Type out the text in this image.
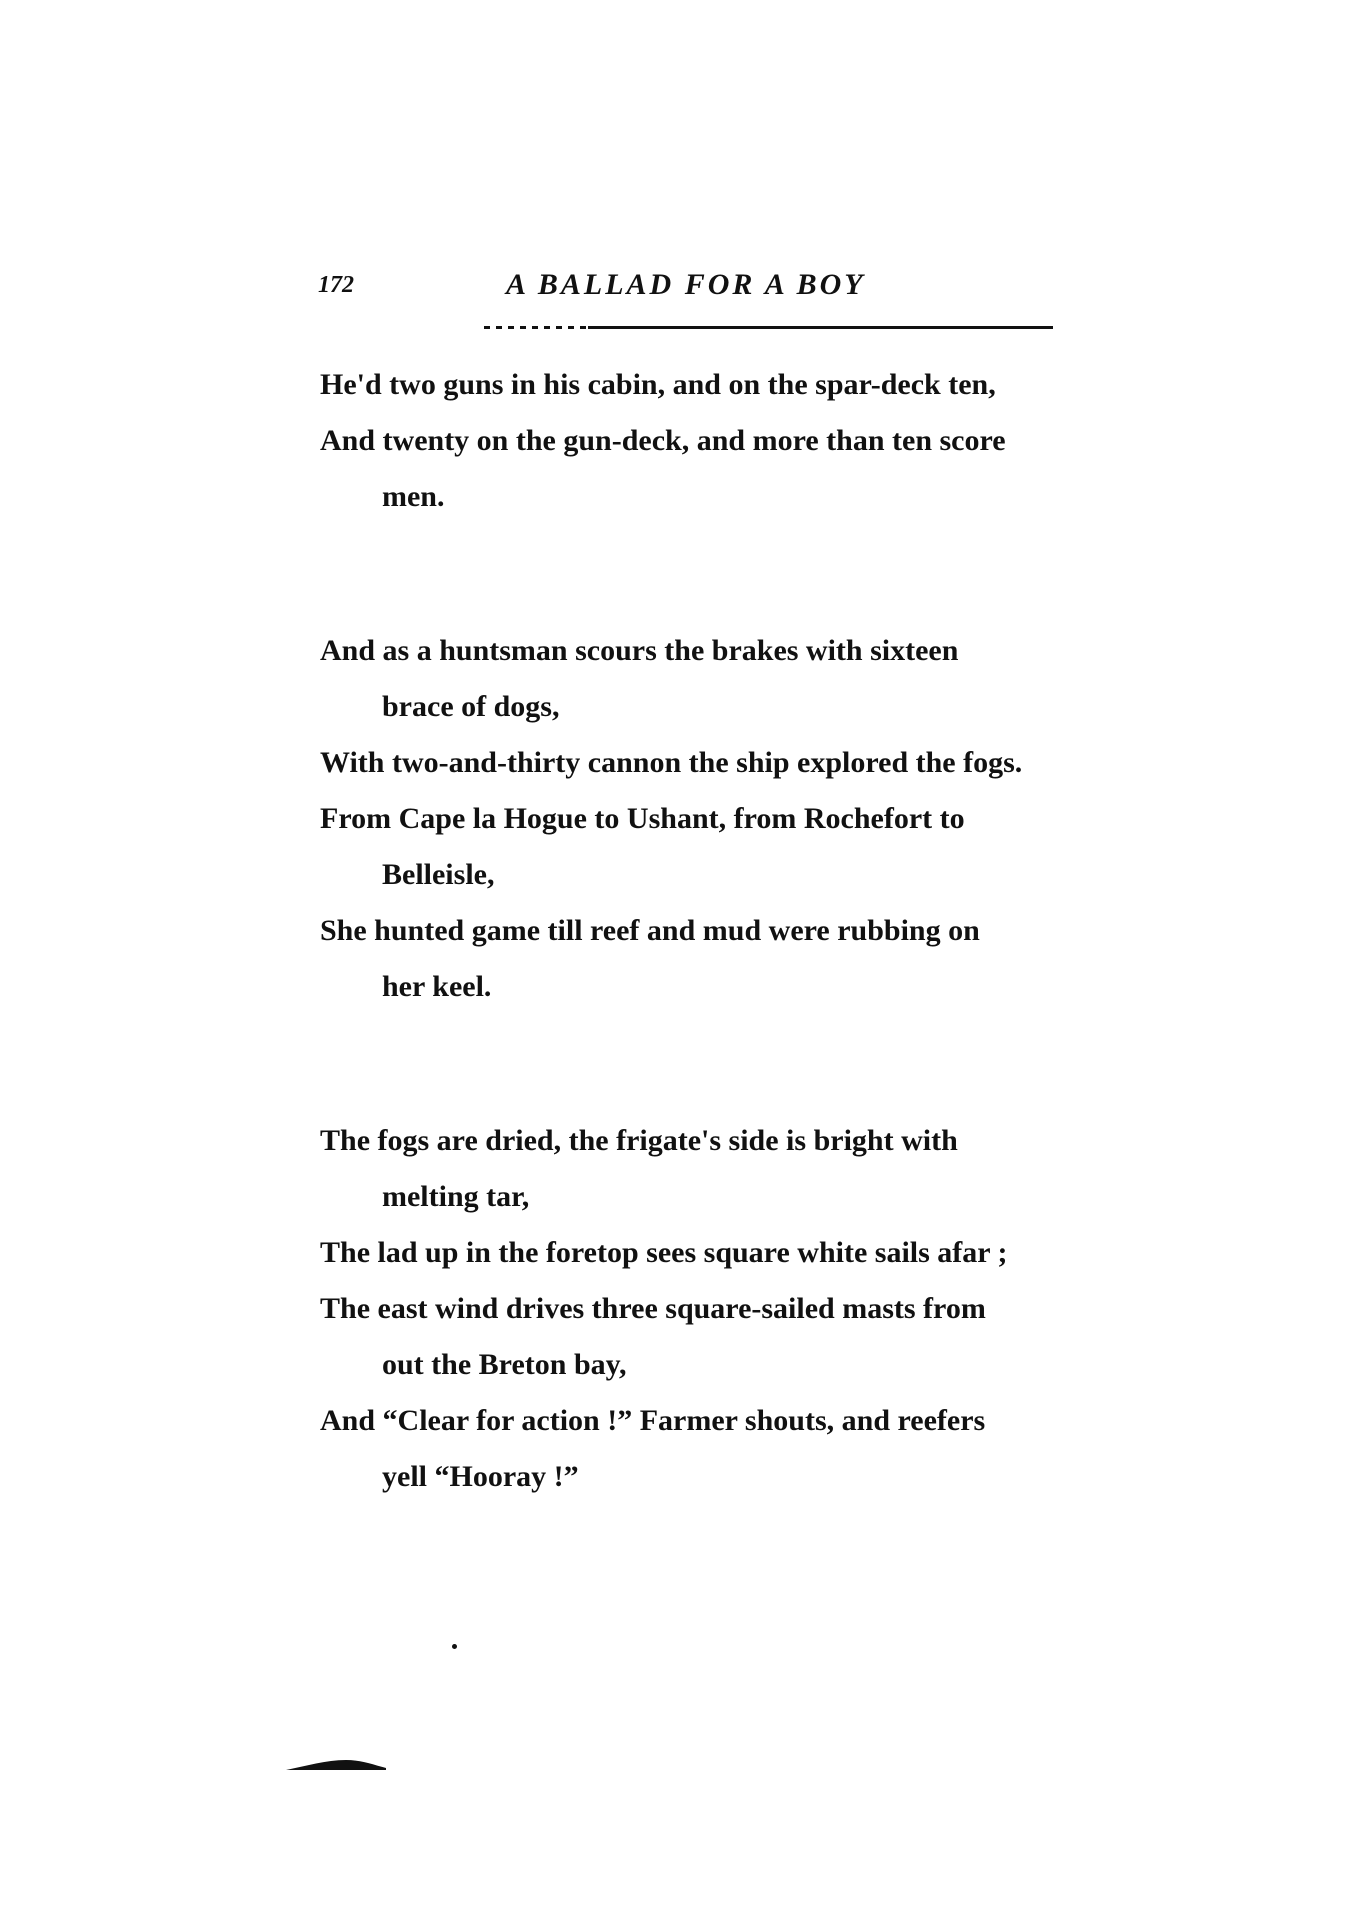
172	A BALLAD FOR A BOY
He'd two guns in his cabin, and on the spar-deck ten,
And twenty on the gun-deck, and more than ten score
men.
And as a huntsman scours the brakes with sixteen
brace of dogs,
With two-and-thirty cannon the ship explored the fogs.
From Cape la Hogue to Ushant, from Rochefort to
Belleisle,
She hunted game till reef and mud were rubbing on
her keel.
The fogs are dried, the frigate's side is bright with
melting tar,
The lad up in the foretop sees square white sails afar ;
The east wind drives three square-sailed masts from
out the Breton bay,
And “Clear for action !” Farmer shouts, and reefers
yell “Hooray !”
